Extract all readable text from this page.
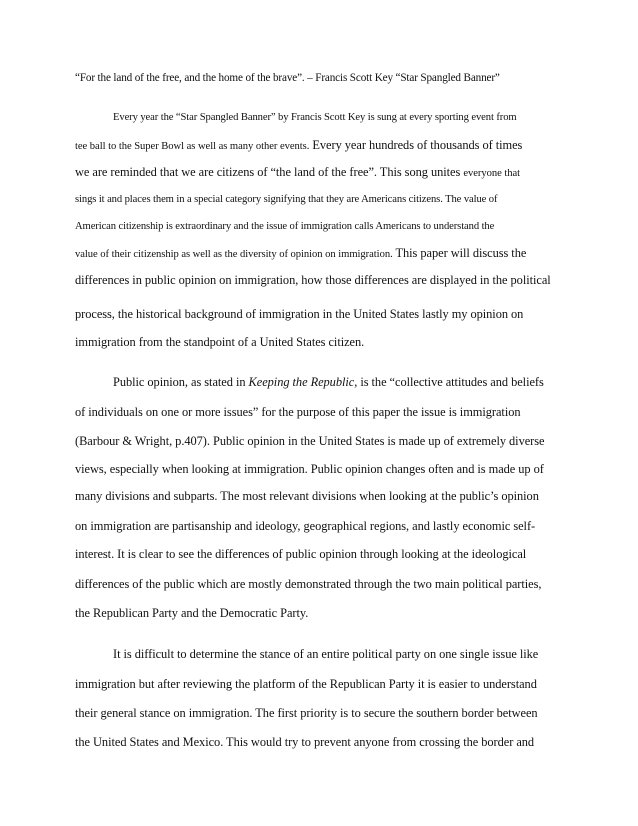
“For the land of the free, and the home of the brave”. – Francis Scott Key “Star Spangled Banner”
Every year the “Star Spangled Banner” by Francis Scott Key is sung at every sporting event from
tee ball to the Super Bowl as well as many other events. Every year hundreds of thousands of times
we are reminded that we are citizens of “the land of the free”. This song unites everyone that
sings it and places them in a special category signifying that they are Americans citizens. The value of
American citizenship is extraordinary and the issue of immigration calls Americans to understand the
value of their citizenship as well as the diversity of opinion on immigration. This paper will discuss the
differences in public opinion on immigration, how those differences are displayed in the political
process, the historical background of immigration in the United States lastly my opinion on
immigration from the standpoint of a United States citizen.
Public opinion, as stated in Keeping the Republic, is the “collective attitudes and beliefs
of individuals on one or more issues” for the purpose of this paper the issue is immigration
(Barbour & Wright, p.407). Public opinion in the United States is made up of extremely diverse
views, especially when looking at immigration. Public opinion changes often and is made up of
many divisions and subparts. The most relevant divisions when looking at the public’s opinion
on immigration are partisanship and ideology, geographical regions, and lastly economic self-
interest. It is clear to see the differences of public opinion through looking at the ideological
differences of the public which are mostly demonstrated through the two main political parties,
the Republican Party and the Democratic Party.
It is difficult to determine the stance of an entire political party on one single issue like
immigration but after reviewing the platform of the Republican Party it is easier to understand
their general stance on immigration. The first priority is to secure the southern border between
the United States and Mexico. This would try to prevent anyone from crossing the border and
